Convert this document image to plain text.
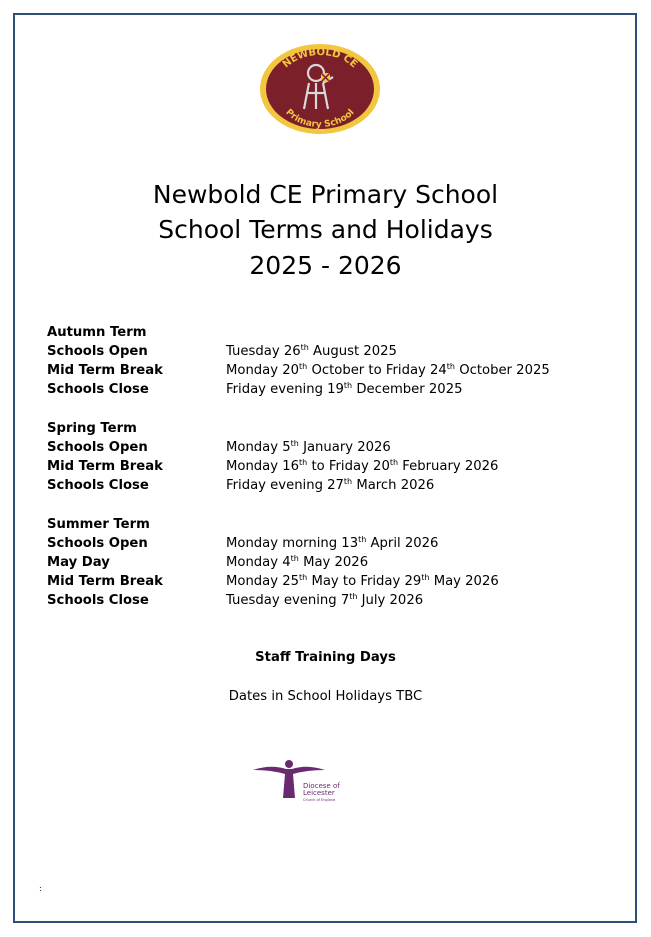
NEWBOLD CE
Primary School
Newbold CE Primary School
School Terms and Holidays
2025 - 2026
Autumn Term
Schools Open	Tuesday 26th August 2025
Mid Term Break	Monday 20th October to Friday 24th October 2025
Schools Close	Friday evening 19th December 2025
Spring Term
Schools Open	Monday 5th January 2026
Mid Term Break	Monday 16th to Friday 20th February 2026
Schools Close	Friday evening 27th March 2026
Summer Term
Schools Open	Monday morning 13th April 2026
May Day	Monday 4th May 2026
Mid Term Break	Monday 25th May to Friday 29th May 2026
Schools Close	Tuesday evening 7th July 2026
Staff Training Days
Dates in School Holidays TBC
Diocese of
Leicester
Church of England
:
